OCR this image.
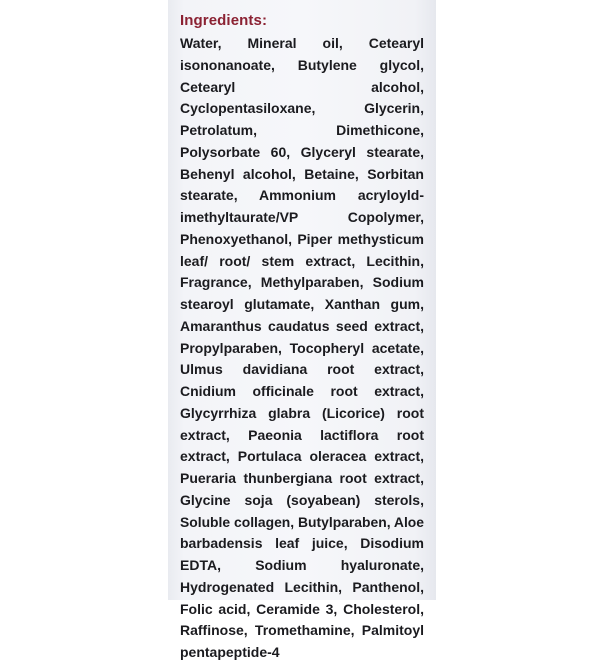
Ingredients:
Water, Mineral oil, Cetearyl
isononanoate, Butylene glycol,
Cetearyl alcohol,
Cyclopentasiloxane, Glycerin,
Petrolatum, Dimethicone,
Polysorbate 60, Glyceryl stearate,
Behenyl alcohol, Betaine, Sorbitan
stearate, Ammonium acryloyld-
imethyltaurate/VP Copolymer,
Phenoxyethanol, Piper methysticum
leaf/ root/ stem extract, Lecithin,
Fragrance, Methylparaben, Sodium
stearoyl glutamate, Xanthan gum,
Amaranthus caudatus seed extract,
Propylparaben, Tocopheryl acetate,
Ulmus davidiana root extract,
Cnidium officinale root extract,
Glycyrrhiza glabra (Licorice) root
extract, Paeonia lactiflora root
extract, Portulaca oleracea extract,
Pueraria thunbergiana root extract,
Glycine soja (soyabean) sterols,
Soluble collagen, Butylparaben, Aloe
barbadensis leaf juice, Disodium
EDTA, Sodium hyaluronate,
Hydrogenated Lecithin, Panthenol,
Folic acid, Ceramide 3, Cholesterol,
Raffinose, Tromethamine, Palmitoyl
pentapeptide-4
